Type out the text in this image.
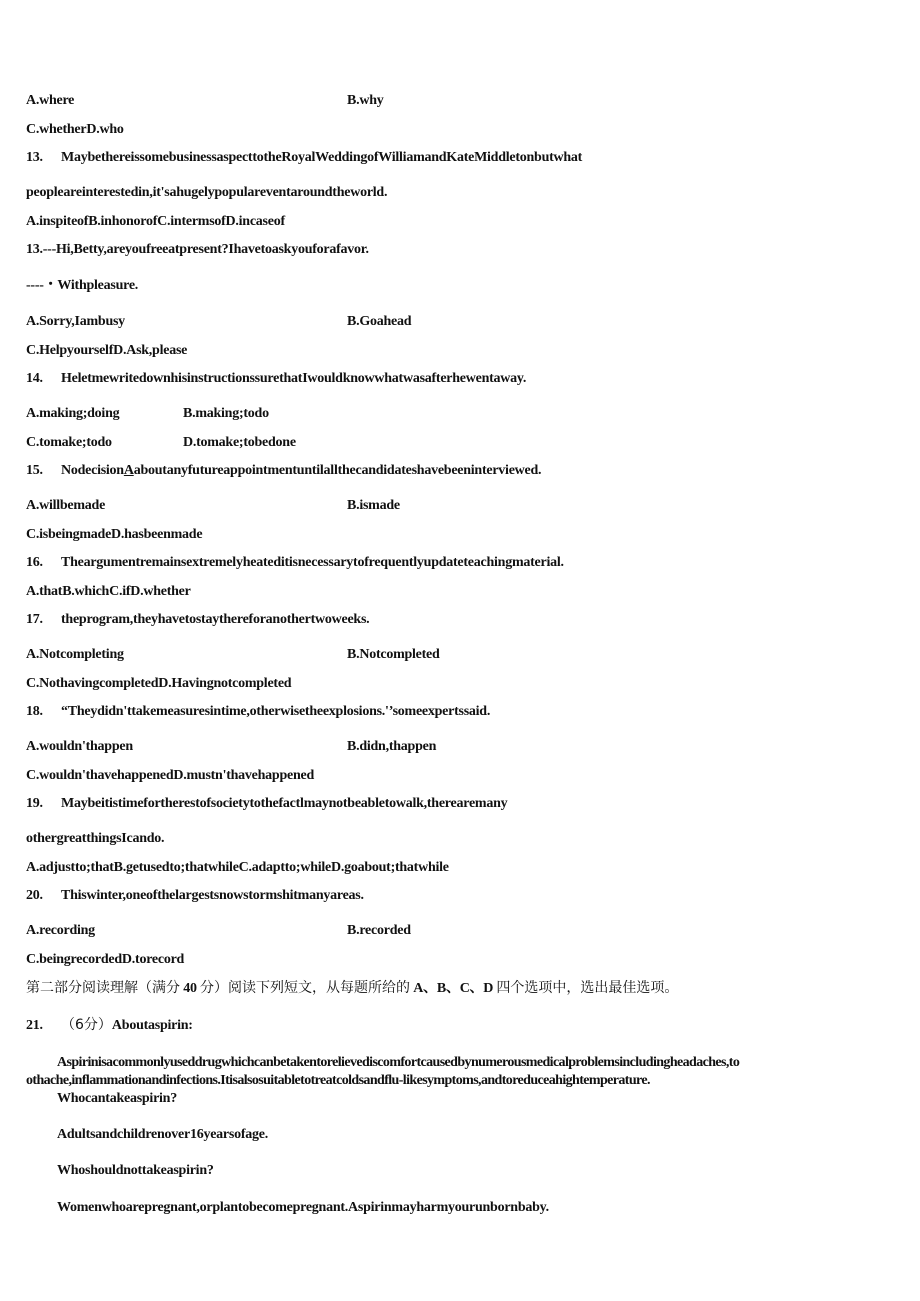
A.where	B.why
C.whetherD.who
13. MaybethereissomebusinessaspecttotheRoyalWeddingofWilliamandKateMiddletonbutwhat
peopleareinterestedin,it'sahugelypopulareventaroundtheworld.
A.inspiteofB.inhonorofC.intermsofD.incaseof
13.---Hi,Betty,areyoufreeatpresent?Ihavetoaskyouforafavor.
----・Withpleasure.
A.Sorry,Iambusy	B.Goahead
C.HelpyourselfD.Ask,please
14. HeletmewritedownhisinstructionssurethatIwouldknowwhatwasafterhewentaway.
A.making;doing	B.making;todo
C.tomake;todo	D.tomake;tobedone
15. NodecisionAaboutanyfutureappointmentuntilallthecandidateshavebeeninterviewed.
A.willbemade	B.ismade
C.isbeingmadeD.hasbeenmade
16. Theargumentremainsextremelyheateditisnecessarytofrequentlyupdateteachingmaterial.
A.thatB.whichC.ifD.whether
17. theprogram,theyhavetostaythereforanothertwoweeks.
A.Notcompleting	B.Notcompleted
C.NothavingcompletedD.Havingnotcompleted
18. “Theydidn'ttakemeasuresintime,otherwisetheexplosions.'’someexpertssaid.
A.wouldn'thappen	B.didn,thappen
C.wouldn'thavehappenedD.mustn'thavehappened
19. Maybeitistimefortherestofsocietytothefactlmaynotbeabletowalk,therearemany
othergreatthingsIcando.
A.adjustto;thatB.getusedto;thatwhileC.adaptto;whileD.goabout;thatwhile
20. Thiswinter,oneofthelargestsnowstormshitmanyareas.
A.recording	B.recorded
C.beingrecordedD.torecord
第二部分阅读理解（满分 40 分）阅读下列短文，从每题所给的 A、B、C、D 四个选项中，选出最佳选项。
21. （6分）Aboutaspirin:
Aspirinisacommonlyuseddrugwhichcanbetakentorelievediscomfortcausedbynumerousmedicalproblemsincludingheadaches,to
othache,inflammationandinfections.Itisalsosuitabletotreatcoldsandflu-likesymptoms,andtoreduceahightemperature.
Whocantakeaspirin?
Adultsandchildrenover16yearsofage.
Whoshouldnottakeaspirin?
Womenwhoarepregnant,orplantobecomepregnant.Aspirinmayharmyourunbornbaby.
